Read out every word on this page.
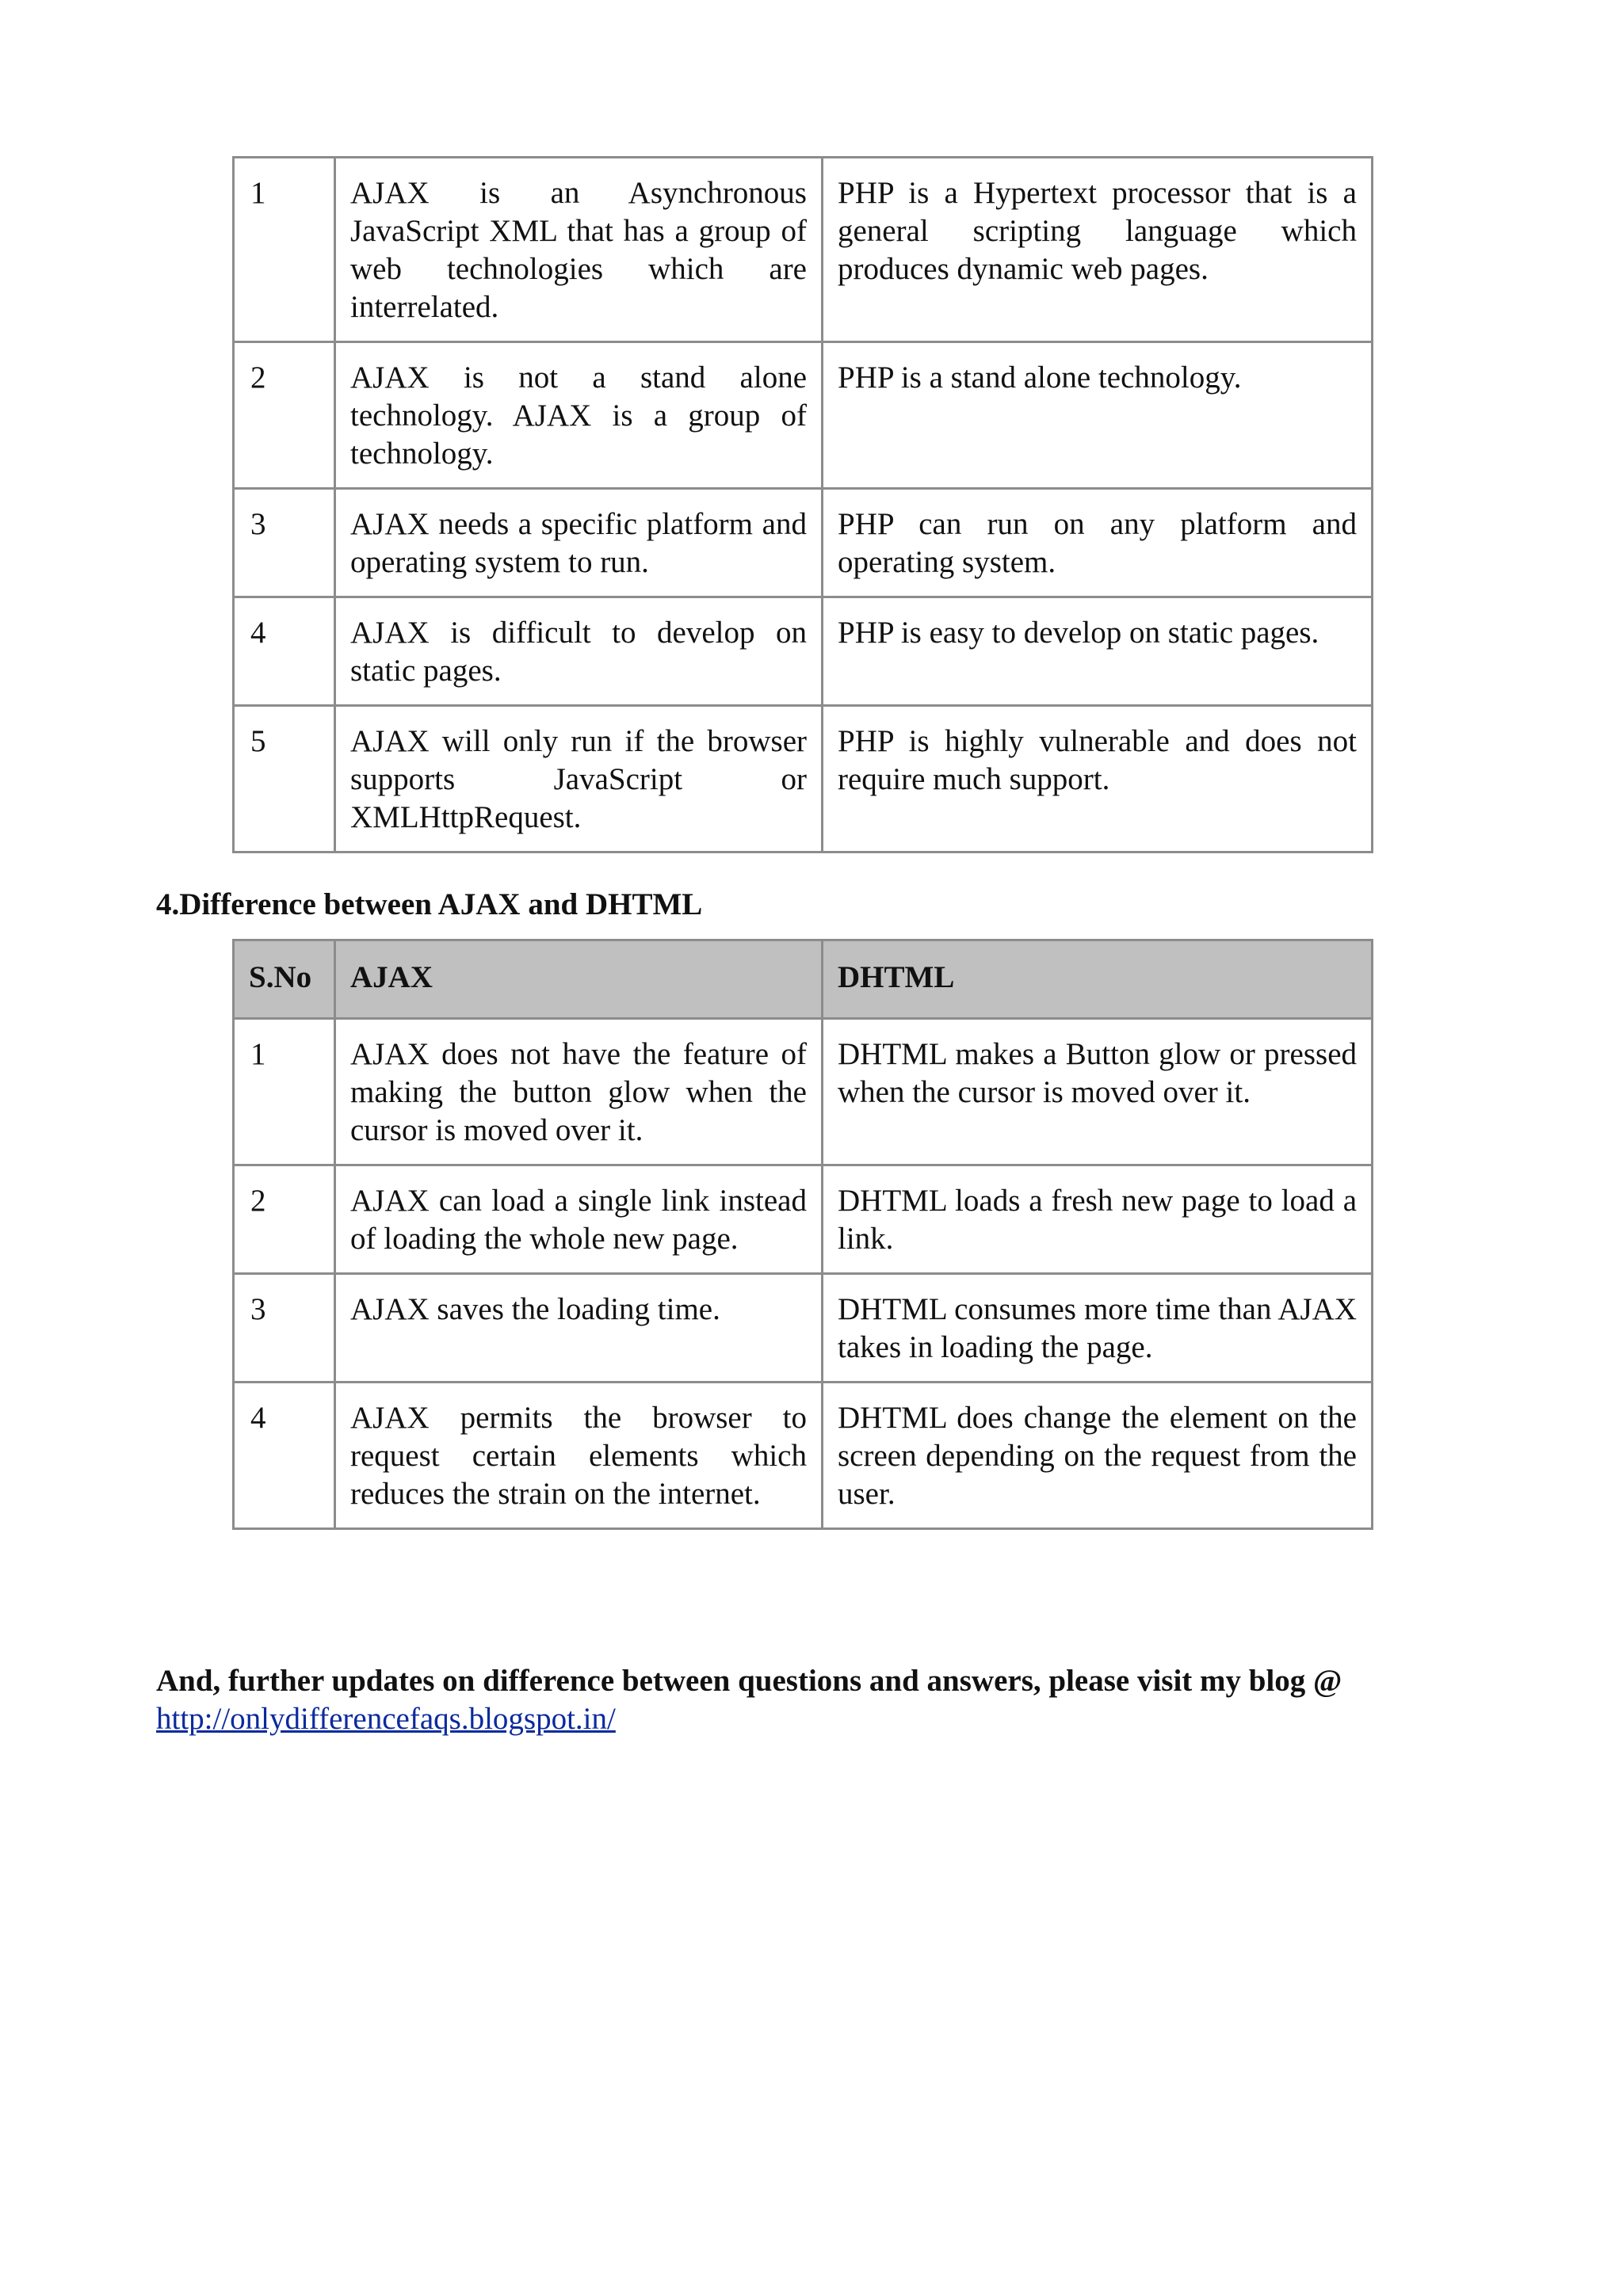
1	AJAX is an Asynchronous JavaScript XML that has a group of web technologies which are interrelated.	PHP is a Hypertext processor that is a general scripting language which produces dynamic web pages.
2	AJAX is not a stand alone technology. AJAX is a group of technology.	PHP is a stand alone technology.
3	AJAX needs a specific platform and operating system to run.	PHP can run on any platform and operating system.
4	AJAX is difficult to develop on static pages.	PHP is easy to develop on static pages.
5	AJAX will only run if the browser supports JavaScript or XMLHttpRequest.	PHP is highly vulnerable and does not require much support.
4.Difference between AJAX and DHTML
S.No	AJAX	DHTML
1	AJAX does not have the feature of making the button glow when the cursor is moved over it.	DHTML makes a Button glow or pressed when the cursor is moved over it.
2	AJAX can load a single link instead of loading the whole new page.	DHTML loads a fresh new page to load a link.
3	AJAX saves the loading time.	DHTML consumes more time than AJAX takes in loading the page.
4	AJAX permits the browser to request certain elements which reduces the strain on the internet.	DHTML does change the element on the screen depending on the request from the user.
And, further updates on difference between questions and answers, please visit my blog @
http://onlydifferencefaqs.blogspot.in/
